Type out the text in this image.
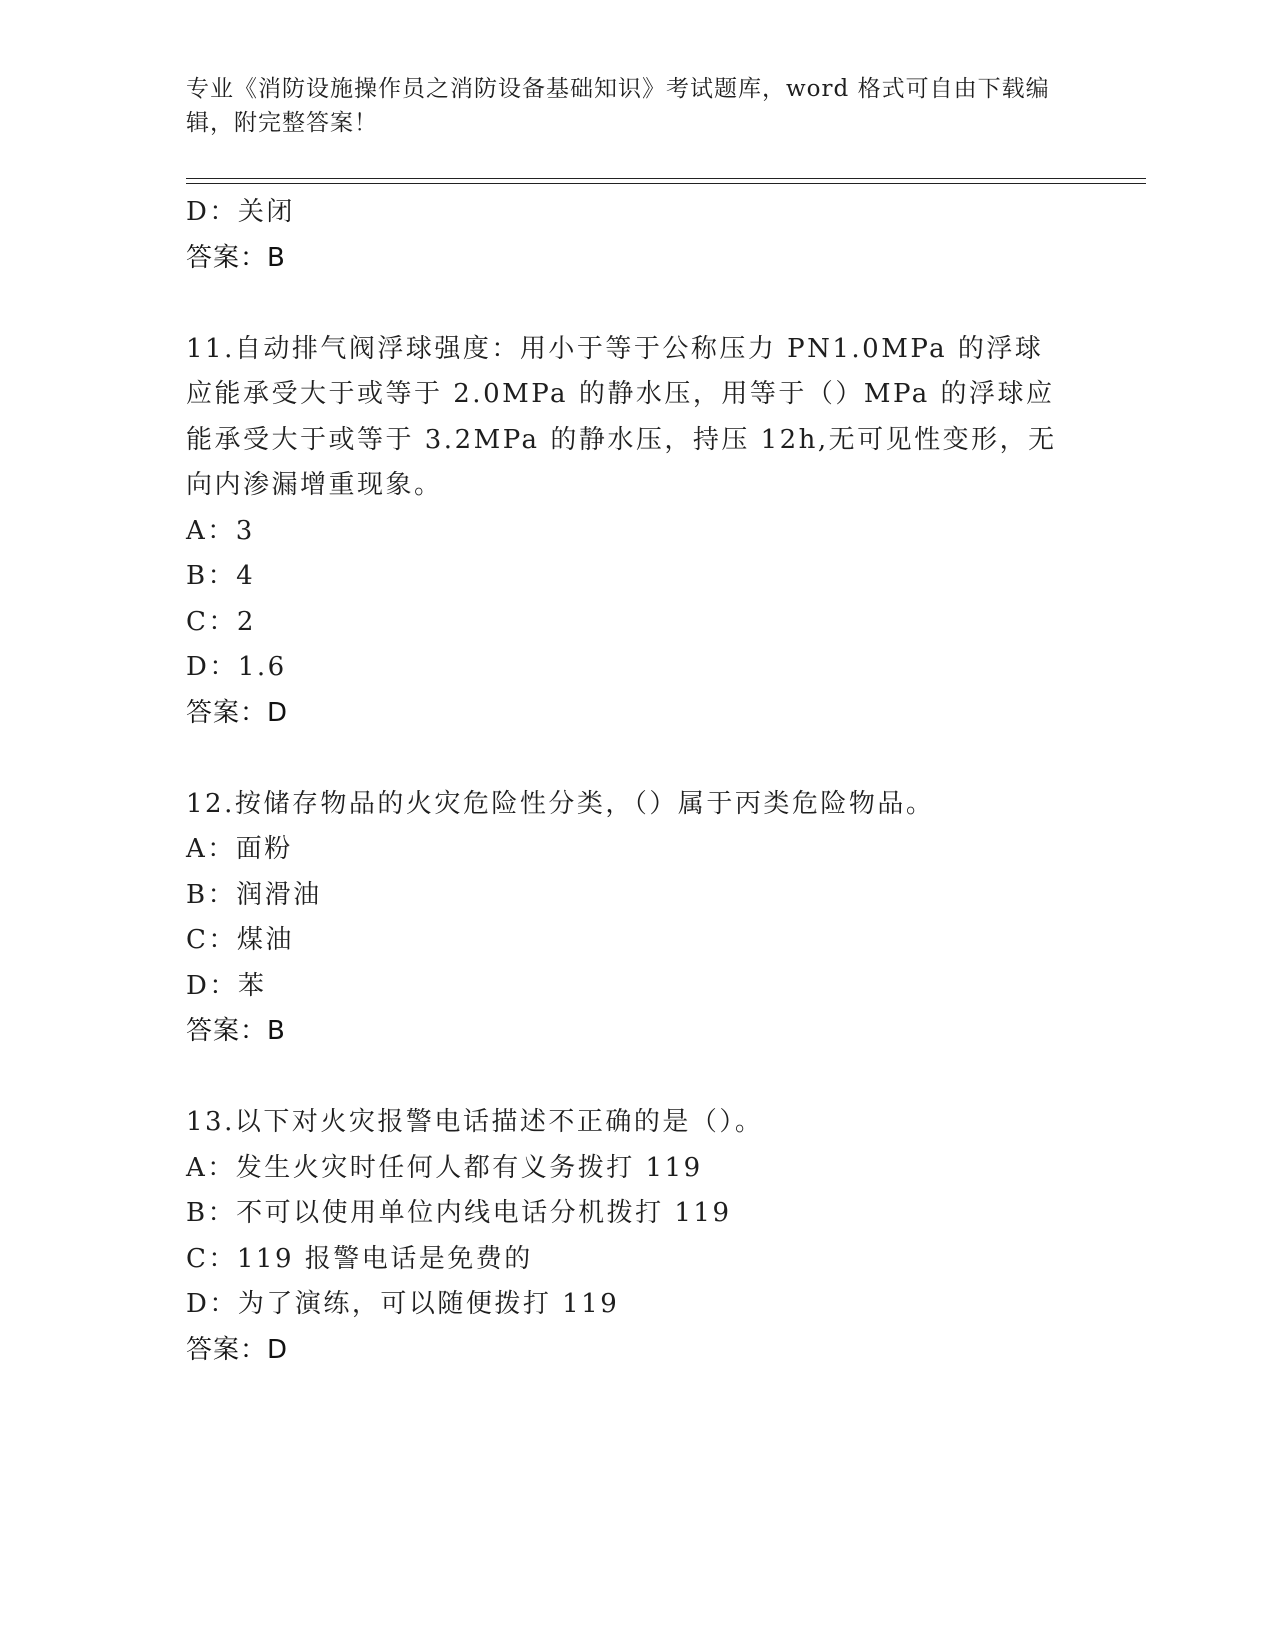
专业《消防设施操作员之消防设备基础知识》考试题库，word 格式可自由下载编辑，附完整答案！
D：关闭
答案：B
11.自动排气阀浮球强度：用小于等于公称压力 PN1.0MPa 的浮球应能承受大于或等于 2.0MPa 的静水压，用等于（）MPa 的浮球应能承受大于或等于 3.2MPa 的静水压，持压 12h,无可见性变形，无向内渗漏增重现象。
A：3
B：4
C：2
D：1.6
答案：D
12.按储存物品的火灾危险性分类，（）属于丙类危险物品。
A：面粉
B：润滑油
C：煤油
D：苯
答案：B
13.以下对火灾报警电话描述不正确的是（）。
A：发生火灾时任何人都有义务拨打 119
B：不可以使用单位内线电话分机拨打 119
C：119 报警电话是免费的
D：为了演练，可以随便拨打 119
答案：D
